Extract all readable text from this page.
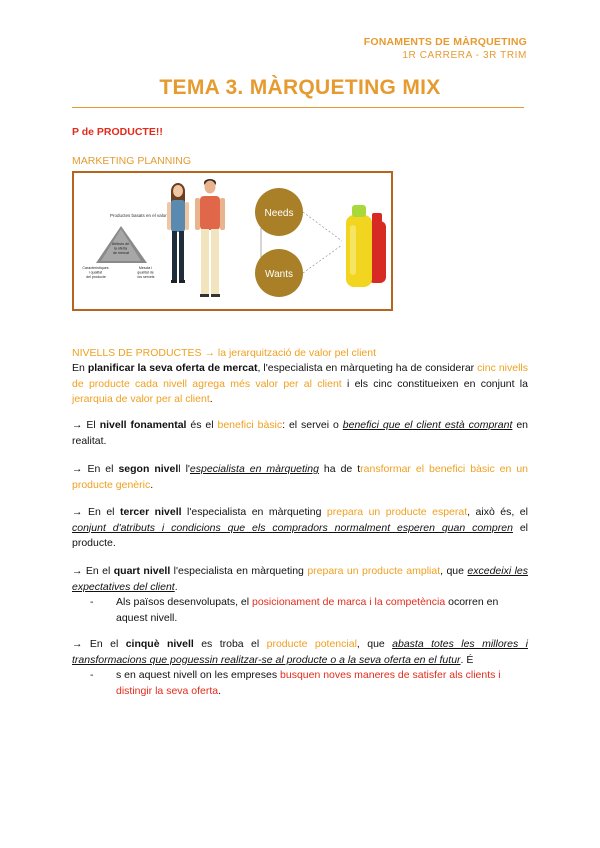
FONAMENTS DE MÀRQUETING
1R CARRERA - 3R TRIM
TEMA 3. MÀRQUETING MIX
P de PRODUCTE!!
MARKETING PLANNING
Productes basats en el valor
Atributs de la oferta de mercat
Característiques i qualitat del producte
Mescla i qualitat de los serveis
Needs
Wants
NIVELLS DE PRODUCTES → la jerarquització de valor pel client
En planificar la seva oferta de mercat, l'especialista en màrqueting ha de considerar cinc nivells de producte cada nivell agrega més valor per al client i els cinc constitueixen en conjunt la jerarquia de valor per al client.
→ El nivell fonamental és el benefici bàsic: el servei o benefici que el client està comprant en realitat.
→ En el segon nivell l'especialista en màrqueting ha de transformar el benefici bàsic en un producte genèric.
→ En el tercer nivell l'especialista en màrqueting prepara un producte esperat, això és, el conjunt d'atributs i condicions que els compradors normalment esperen quan compren el producte.
→ En el quart nivell l'especialista en màrqueting prepara un producte ampliat, que excedeixi les expectatives del client.
-	Als països desenvolupats, el posicionament de marca i la competència ocorren en aquest nivell.
→ En el cinquè nivell es troba el producte potencial, que abasta totes les millores i transformacions que poguessin realitzar-se al producte o a la seva oferta en el futur. É
-	s en aquest nivell on les empreses busquen noves maneres de satisfer als clients i distingir la seva oferta.
